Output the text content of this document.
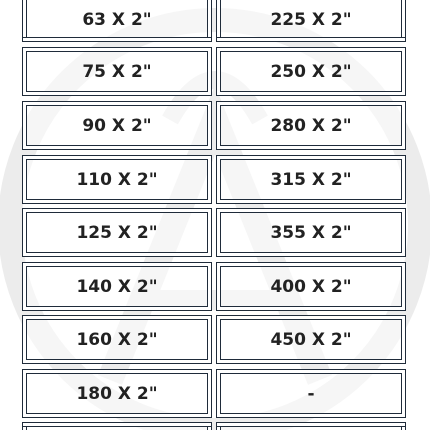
63 X 2"	225 X 2"
75 X 2"	250 X 2"
90 X 2"	280 X 2"
110 X 2"	315 X 2"
125 X 2"	355 X 2"
140 X 2"	400 X 2"
160 X 2"	450 X 2"
180 X 2"	-
